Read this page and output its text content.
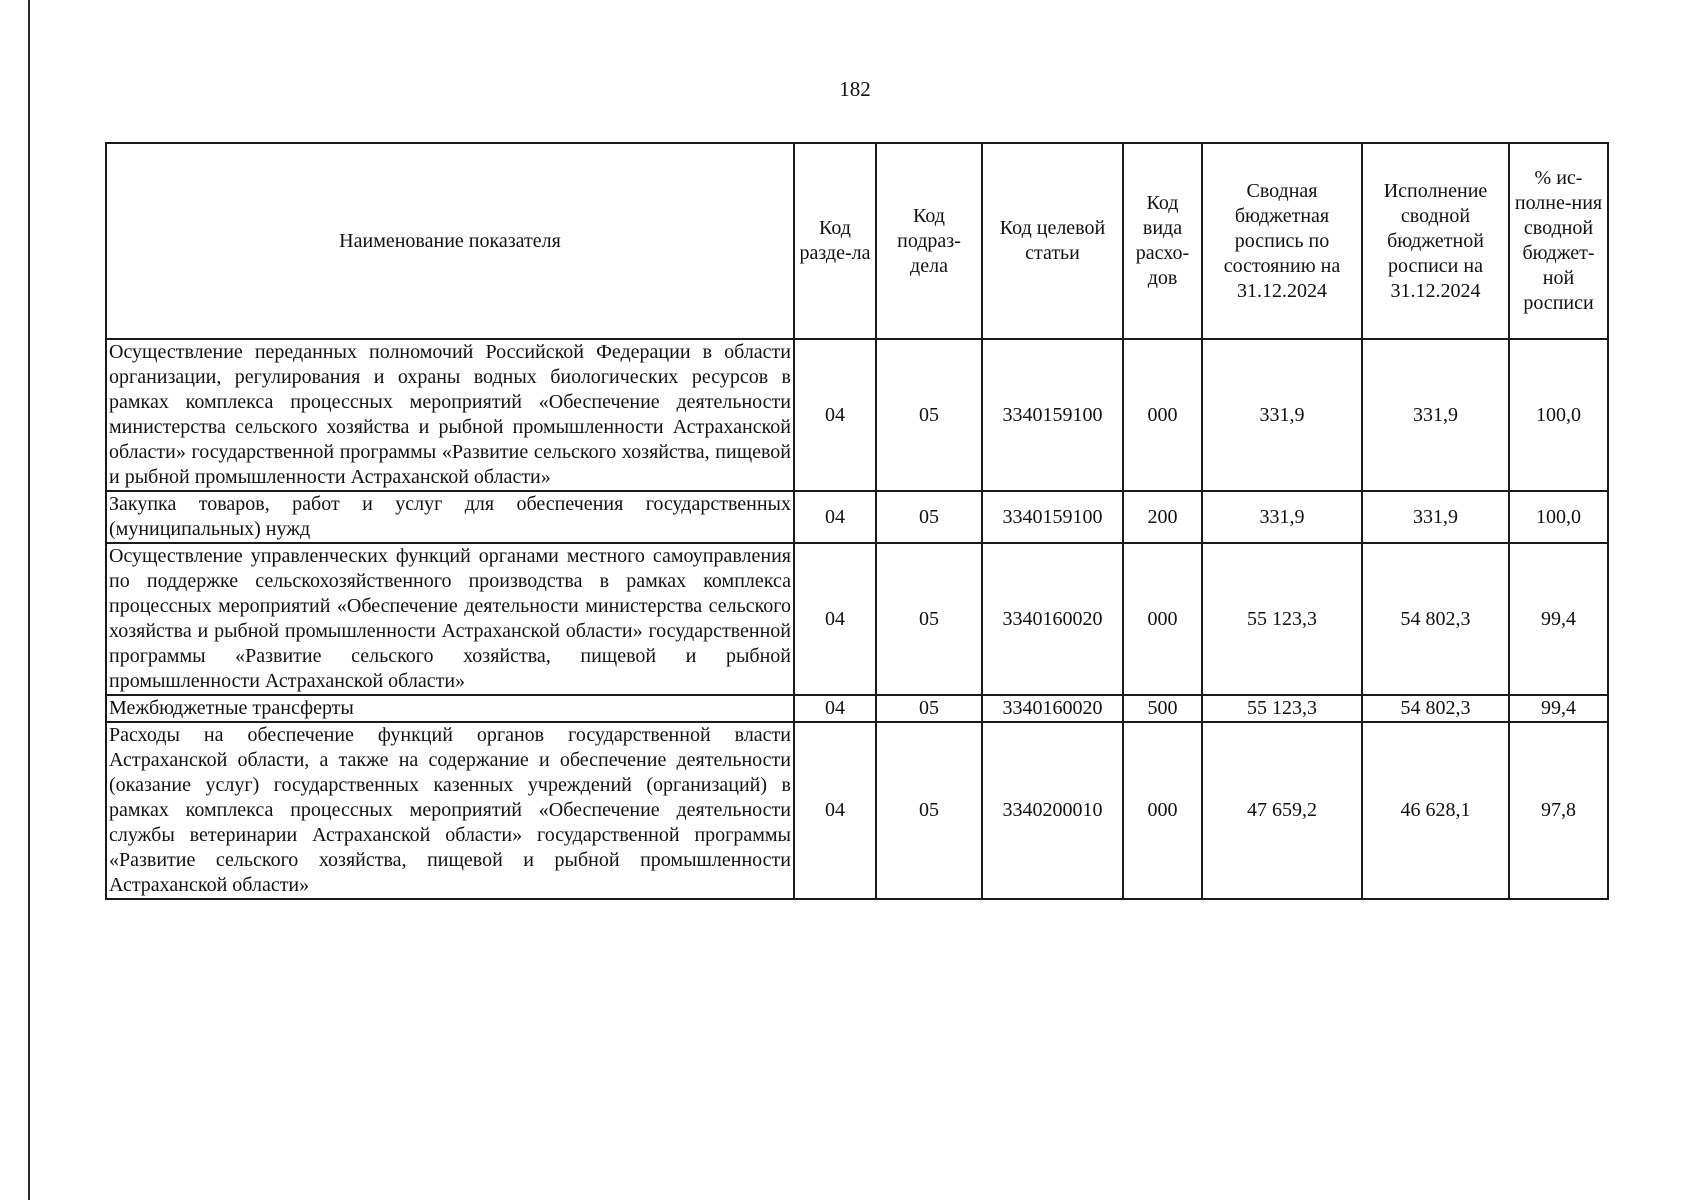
182
Наименование показателя	Код разде-ла	Код подраз-дела	Код целевой статьи	Код вида расхо-дов	Сводная бюджетная роспись по состоянию на 31.12.2024	Исполнение сводной бюджетной росписи на 31.12.2024	% ис-полне-ния сводной бюджет-ной росписи
Осуществление переданных полномочий Российской Федерации в области организации, регулирования и охраны водных биологических ресурсов в рамках комплекса процессных мероприятий «Обеспечение деятельности министерства сельского хозяйства и рыбной промышленности Астраханской области» государственной программы «Развитие сельского хозяйства, пищевой и рыбной промышленности Астраханской области»	04	05	3340159100	000	331,9	331,9	100,0
Закупка товаров, работ и услуг для обеспечения государственных (муниципальных) нужд	04	05	3340159100	200	331,9	331,9	100,0
Осуществление управленческих функций органами местного самоуправления по поддержке сельскохозяйственного производства в рамках комплекса процессных мероприятий «Обеспечение деятельности министерства сельского хозяйства и рыбной промышленности Астраханской области» государственной программы «Развитие сельского хозяйства, пищевой и рыбной промышленности Астраханской области»	04	05	3340160020	000	55 123,3	54 802,3	99,4
Межбюджетные трансферты	04	05	3340160020	500	55 123,3	54 802,3	99,4
Расходы на обеспечение функций органов государственной власти Астраханской области, а также на содержание и обеспечение деятельности (оказание услуг) государственных казенных учреждений (организаций) в рамках комплекса процессных мероприятий «Обеспечение деятельности службы ветеринарии Астраханской области» государственной программы «Развитие сельского хозяйства, пищевой и рыбной промышленности Астраханской области»	04	05	3340200010	000	47 659,2	46 628,1	97,8
